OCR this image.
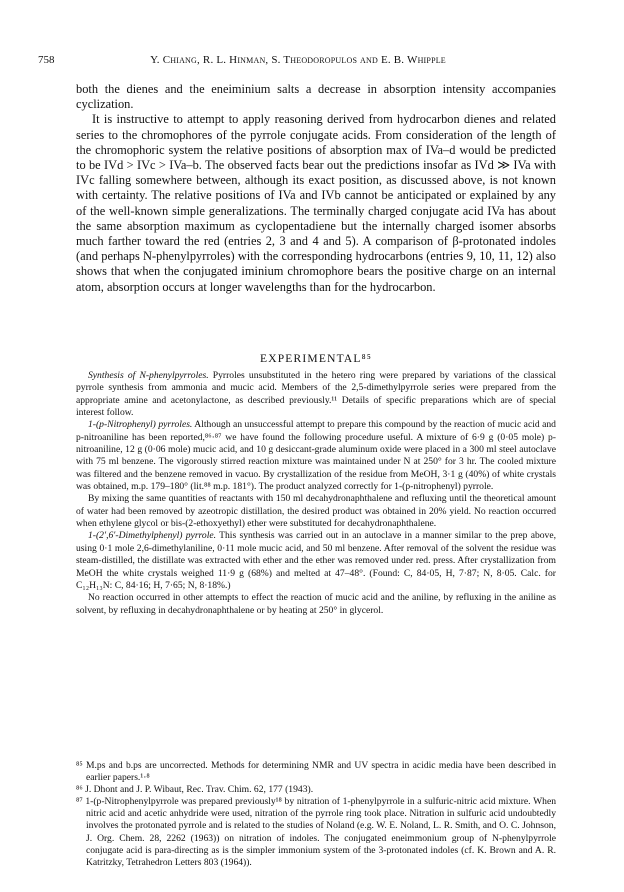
758	Y. Chiang, R. L. Hinman, S. Theodoropulos and E. B. Whipple

both the dienes and the eneiminium salts a decrease in absorption intensity accompanies cyclization.

It is instructive to attempt to apply reasoning derived from hydrocarbon dienes and related series to the chromophores of the pyrrole conjugate acids. From consideration of the length of the chromophoric system the relative positions of absorption max of IVa–d would be predicted to be IVd > IVc > IVa–b. The observed facts bear out the predictions insofar as IVd ≫ IVa with IVc falling somewhere between, although its exact position, as discussed above, is not known with certainty. The relative positions of IVa and IVb cannot be anticipated or explained by any of the well-known simple generalizations. The terminally charged conjugate acid IVa has about the same absorption maximum as cyclopentadiene but the internally charged isomer absorbs much farther toward the red (entries 2, 3 and 4 and 5). A comparison of β-protonated indoles (and perhaps N-phenylpyrroles) with the corresponding hydrocarbons (entries 9, 10, 11, 12) also shows that when the conjugated iminium chromophore bears the positive charge on an internal atom, absorption occurs at longer wavelengths than for the hydrocarbon.

EXPERIMENTAL⁸⁵

Synthesis of N-phenylpyrroles. Pyrroles unsubstituted in the hetero ring were prepared by variations of the classical pyrrole synthesis from ammonia and mucic acid. Members of the 2,5-dimethylpyrrole series were prepared from the appropriate amine and acetonylactone, as described previously.¹¹ Details of specific preparations which are of special interest follow.

1-(p-Nitrophenyl) pyrroles. Although an unsuccessful attempt to prepare this compound by the reaction of mucic acid and p-nitroaniline has been reported,⁸⁶·⁸⁷ we have found the following procedure useful. A mixture of 6·9 g (0·05 mole) p-nitroaniline, 12 g (0·06 mole) mucic acid, and 10 g desiccant-grade aluminum oxide were placed in a 300 ml steel autoclave with 75 ml benzene. The vigorously stirred reaction mixture was maintained under N at 250° for 3 hr. The cooled mixture was filtered and the benzene removed in vacuo. By crystallization of the residue from MeOH, 3·1 g (40%) of white crystals was obtained, m.p. 179–180° (lit.⁸⁸ m.p. 181°). The product analyzed correctly for 1-(p-nitrophenyl) pyrrole.

By mixing the same quantities of reactants with 150 ml decahydronaphthalene and refluxing until the theoretical amount of water had been removed by azeotropic distillation, the desired product was obtained in 20% yield. No reaction occurred when ethylene glycol or bis-(2-ethoxyethyl) ether were substituted for decahydronaphthalene.

1-(2′,6′-Dimethylphenyl) pyrrole. This synthesis was carried out in an autoclave in a manner similar to the prep above, using 0·1 mole 2,6-dimethylaniline, 0·11 mole mucic acid, and 50 ml benzene. After removal of the solvent the residue was steam-distilled, the distillate was extracted with ether and the ether was removed under red. press. After crystallization from MeOH the white crystals weighed 11·9 g (68%) and melted at 47–48°. (Found: C, 84·05, H, 7·87; N, 8·05. Calc. for C₁₂H₁₃N: C, 84·16; H, 7·65; N, 8·18%.)

No reaction occurred in other attempts to effect the reaction of mucic acid and the aniline, by refluxing in the aniline as solvent, by refluxing in decahydronaphthalene or by heating at 250° in glycerol.

⁸⁵ M.ps and b.ps are uncorrected. Methods for determining NMR and UV spectra in acidic media have been described in earlier papers.¹·⁸

⁸⁶ J. Dhont and J. P. Wibaut, Rec. Trav. Chim. 62, 177 (1943).

⁸⁷ 1-(p-Nitrophenylpyrrole was prepared previously¹⁸ by nitration of 1-phenylpyrrole in a sulfuric-nitric acid mixture. When nitric acid and acetic anhydride were used, nitration of the pyrrole ring took place. Nitration in sulfuric acid undoubtedly involves the protonated pyrrole and is related to the studies of Noland (e.g. W. E. Noland, L. R. Smith, and O. C. Johnson, J. Org. Chem. 28, 2262 (1963)) on nitration of indoles. The conjugated eneimmonium group of N-phenylpyrrole conjugate acid is para-directing as is the simpler immonium system of the 3-protonated indoles (cf. K. Brown and A. R. Katritzky, Tetrahedron Letters 803 (1964)).
